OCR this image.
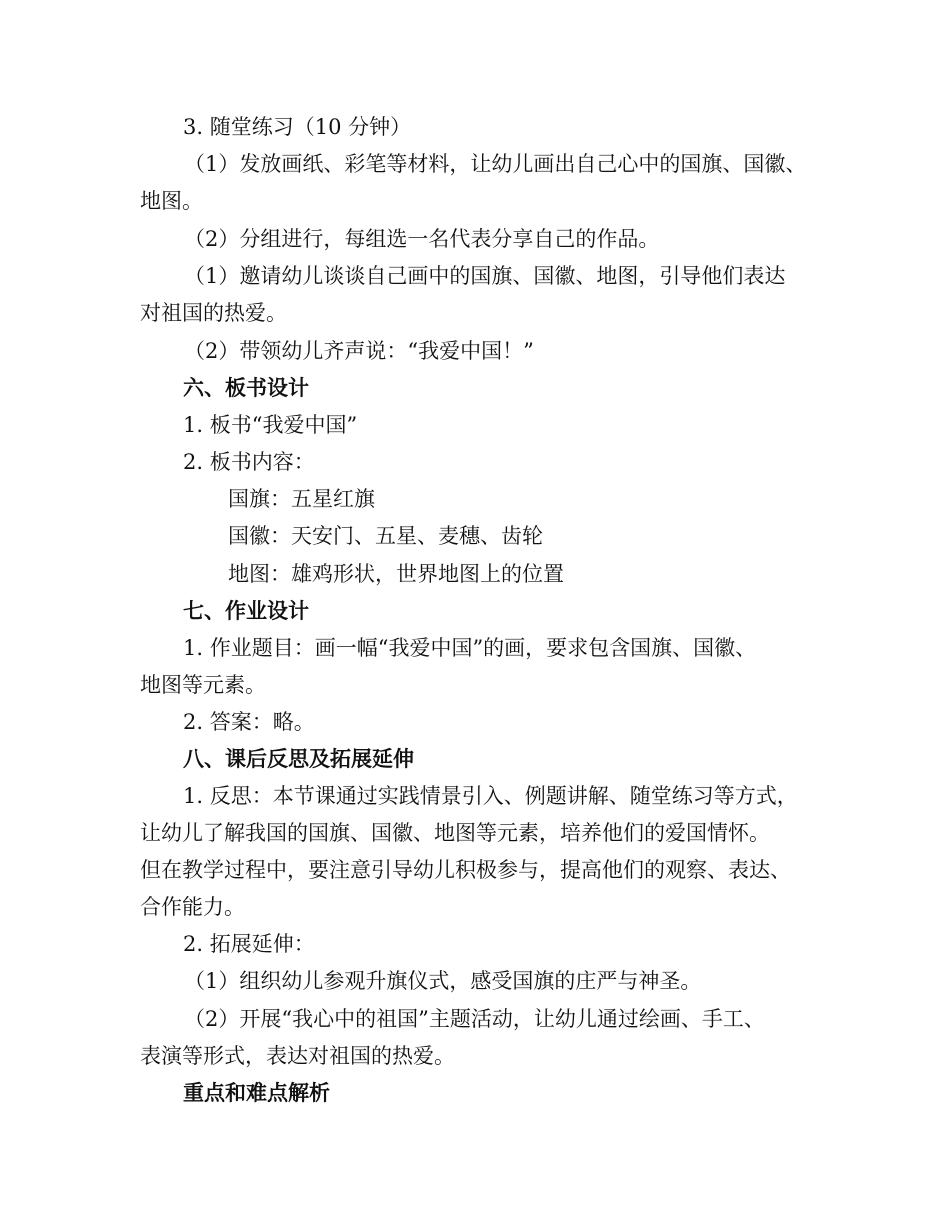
3. 随堂练习（10 分钟）
（1）发放画纸、彩笔等材料，让幼儿画出自己心中的国旗、国徽、
地图。
（2）分组进行，每组选一名代表分享自己的作品。
（1）邀请幼儿谈谈自己画中的国旗、国徽、地图，引导他们表达
对祖国的热爱。
（2）带领幼儿齐声说：“我爱中国！”
六、板书设计
1. 板书“我爱中国”
2. 板书内容：
国旗：五星红旗
国徽：天安门、五星、麦穗、齿轮
地图：雄鸡形状，世界地图上的位置
七、作业设计
1. 作业题目：画一幅“我爱中国”的画，要求包含国旗、国徽、
地图等元素。
2. 答案：略。
八、课后反思及拓展延伸
1. 反思：本节课通过实践情景引入、例题讲解、随堂练习等方式，
让幼儿了解我国的国旗、国徽、地图等元素，培养他们的爱国情怀。
但在教学过程中，要注意引导幼儿积极参与，提高他们的观察、表达、
合作能力。
2. 拓展延伸：
（1）组织幼儿参观升旗仪式，感受国旗的庄严与神圣。
（2）开展“我心中的祖国”主题活动，让幼儿通过绘画、手工、
表演等形式，表达对祖国的热爱。
重点和难点解析
